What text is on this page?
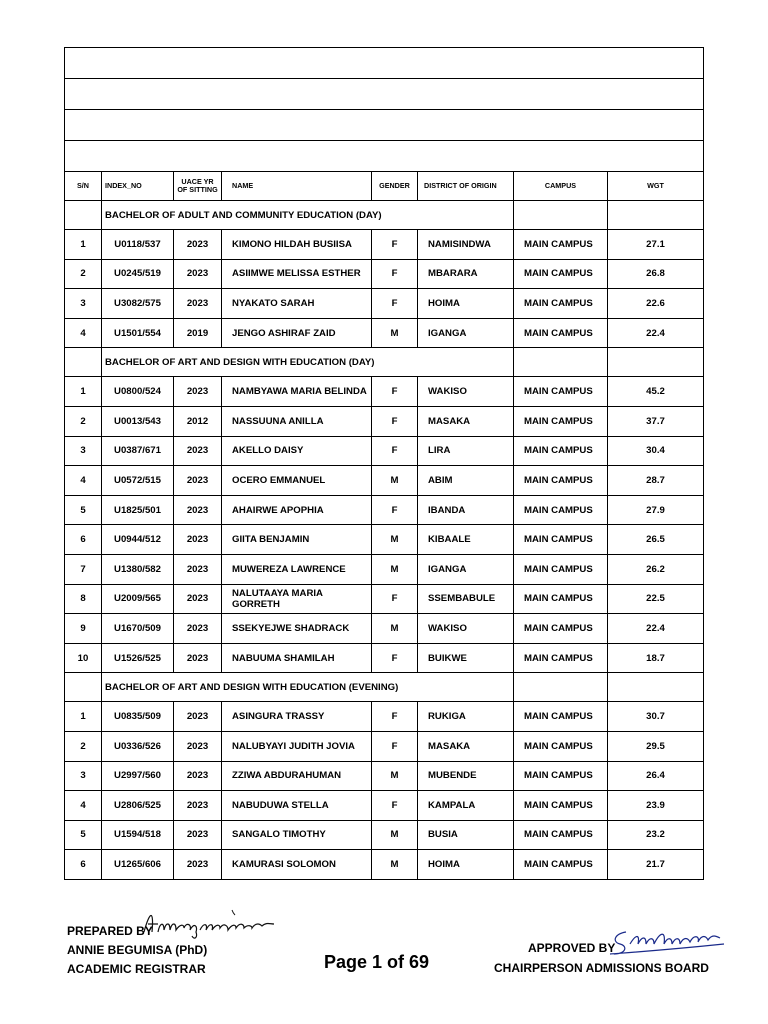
S/N	INDEX_NO	UACE YR OF SITTING	NAME	GENDER	DISTRICT OF ORIGIN	CAMPUS	WGT
	BACHELOR OF ADULT AND COMMUNITY EDUCATION (DAY)						
1	U0118/537	2023	KIMONO HILDAH BUSIISA	F	NAMISINDWA	MAIN CAMPUS	27.1
2	U0245/519	2023	ASIIMWE MELISSA ESTHER	F	MBARARA	MAIN CAMPUS	26.8
3	U3082/575	2023	NYAKATO SARAH	F	HOIMA	MAIN CAMPUS	22.6
4	U1501/554	2019	JENGO ASHIRAF ZAID	M	IGANGA	MAIN CAMPUS	22.4
	BACHELOR OF ART AND DESIGN WITH EDUCATION (DAY)						
1	U0800/524	2023	NAMBYAWA MARIA BELINDA	F	WAKISO	MAIN CAMPUS	45.2
2	U0013/543	2012	NASSUUNA ANILLA	F	MASAKA	MAIN CAMPUS	37.7
3	U0387/671	2023	AKELLO DAISY	F	LIRA	MAIN CAMPUS	30.4
4	U0572/515	2023	OCERO EMMANUEL	M	ABIM	MAIN CAMPUS	28.7
5	U1825/501	2023	AHAIRWE APOPHIA	F	IBANDA	MAIN CAMPUS	27.9
6	U0944/512	2023	GIITA BENJAMIN	M	KIBAALE	MAIN CAMPUS	26.5
7	U1380/582	2023	MUWEREZA LAWRENCE	M	IGANGA	MAIN CAMPUS	26.2
8	U2009/565	2023	NALUTAAYA MARIA GORRETH	F	SSEMBABULE	MAIN CAMPUS	22.5
9	U1670/509	2023	SSEKYEJWE SHADRACK	M	WAKISO	MAIN CAMPUS	22.4
10	U1526/525	2023	NABUUMA SHAMILAH	F	BUIKWE	MAIN CAMPUS	18.7
	BACHELOR OF ART AND DESIGN WITH EDUCATION (EVENING)						
1	U0835/509	2023	ASINGURA TRASSY	F	RUKIGA	MAIN CAMPUS	30.7
2	U0336/526	2023	NALUBYAYI JUDITH JOVIA	F	MASAKA	MAIN CAMPUS	29.5
3	U2997/560	2023	ZZIWA ABDURAHUMAN	M	MUBENDE	MAIN CAMPUS	26.4
4	U2806/525	2023	NABUDUWA STELLA	F	KAMPALA	MAIN CAMPUS	23.9
5	U1594/518	2023	SANGALO TIMOTHY	M	BUSIA	MAIN CAMPUS	23.2
6	U1265/606	2023	KAMURASI SOLOMON	M	HOIMA	MAIN CAMPUS	21.7
PREPARED BY
ANNIE BEGUMISA (PhD)
ACADEMIC REGISTRAR	Page 1 of 69
APPROVED BY
CHAIRPERSON ADMISSIONS BOARD
